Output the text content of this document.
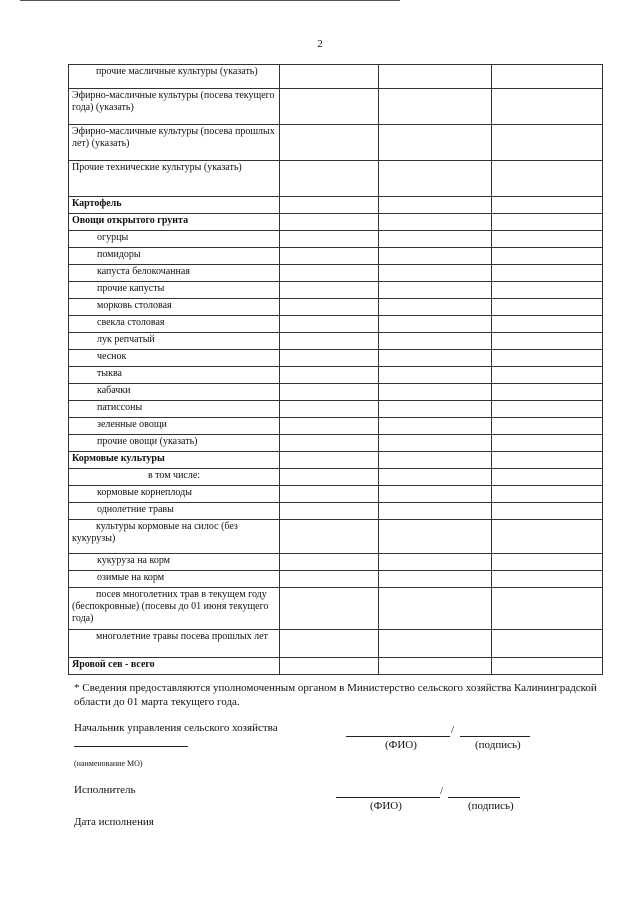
2
прочие масличные культуры (указать)			
Эфирно-масличные культуры (посева текущего года) (указать)			
Эфирно-масличные культуры (посева прошлых лет) (указать)			
Прочие технические культуры (указать)			
Картофель			
Овощи открытого грунта			
огурцы			
помидоры			
капуста белокочанная			
прочие капусты			
морковь столовая			
свекла столовая			
лук репчатый			
чеснок			
тыква			
кабачки			
патиссоны			
зеленные овощи			
прочие овощи (указать)			
Кормовые культуры			
в том числе:			
кормовые корнеплоды			
однолетние травы			
культуры кормовые на силос (без кукурузы)			
кукуруза на корм			
озимые на корм			
посев многолетних трав в текущем году (беспокровные) (посевы до 01 июня текущего года)			
многолетние травы посева прошлых лет			
Яровой сев - всего			
* Сведения предоставляются уполномоченным органом в Министерство сельского хозяйства Калининградской области до 01 марта текущего года.
Начальник управления сельского хозяйства	/
(ФИО)	(подпись)
(наименование МО)
Исполнитель	/
(ФИО)	(подпись)
Дата исполнения
